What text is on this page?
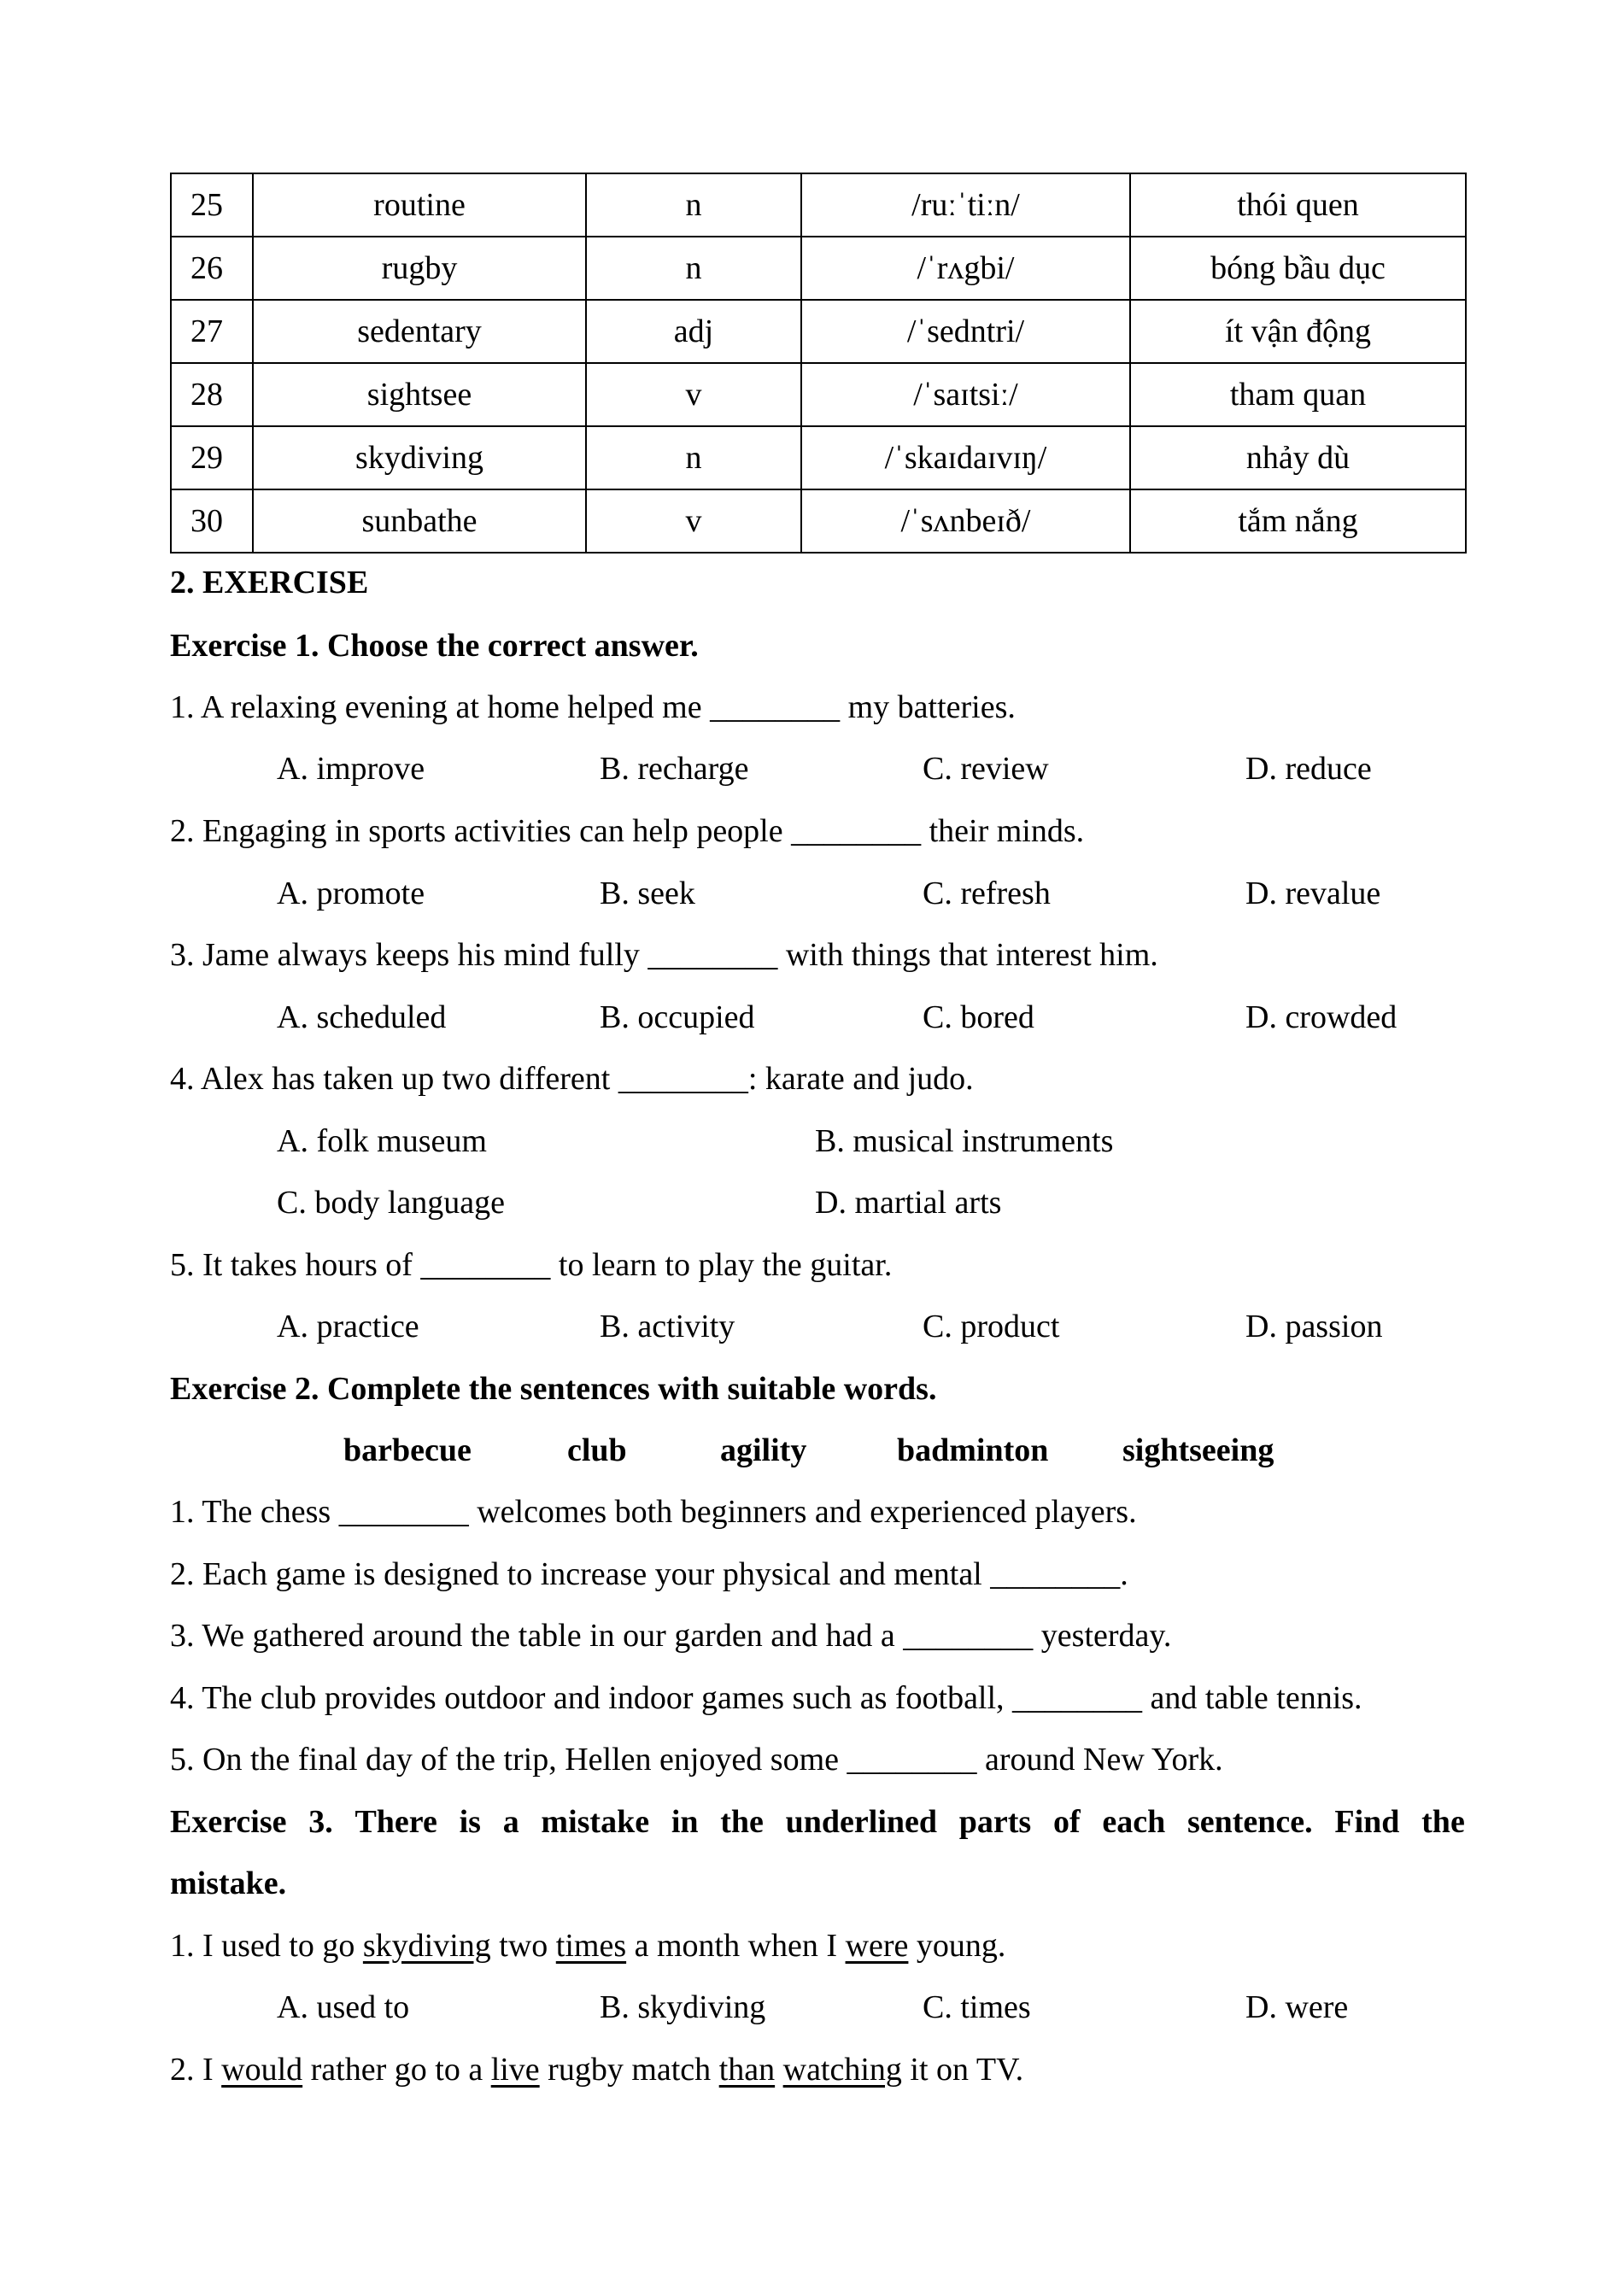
25	routine	n	/ruːˈtiːn/	thói quen
26	rugby	n	/ˈrʌgbi/	bóng bầu dục
27	sedentary	adj	/ˈsedntri/	ít vận động
28	sightsee	v	/ˈsaɪtsiː/	tham quan
29	skydiving	n	/ˈskaɪdaɪvɪŋ/	nhảy dù
30	sunbathe	v	/ˈsʌnbeɪð/	tắm nắng
2. EXERCISE
Exercise 1. Choose the correct answer.
1. A relaxing evening at home helped me ________ my batteries.
A. improve	B. recharge	C. review	D. reduce
2. Engaging in sports activities can help people ________ their minds.
A. promote	B. seek	C. refresh	D. revalue
3. Jame always keeps his mind fully ________ with things that interest him.
A. scheduled	B. occupied	C. bored	D. crowded
4. Alex has taken up two different ________: karate and judo.
A. folk museum	B. musical instruments
C. body language	D. martial arts
5. It takes hours of ________ to learn to play the guitar.
A. practice	B. activity	C. product	D. passion
Exercise 2. Complete the sentences with suitable words.
barbecue	club	agility	badminton sightseeing
1. The chess ________ welcomes both beginners and experienced players.
2. Each game is designed to increase your physical and mental ________.
3. We gathered around the table in our garden and had a ________ yesterday.
4. The club provides outdoor and indoor games such as football, ________ and table tennis.
5. On the final day of the trip, Hellen enjoyed some ________ around New York.
Exercise 3. There is a mistake in the underlined parts of each sentence. Find the
mistake.
1. I used to go skydiving two times a month when I were young.
A. used to	B. skydiving	C. times	D. were
2. I would rather go to a live rugby match than watching it on TV.
